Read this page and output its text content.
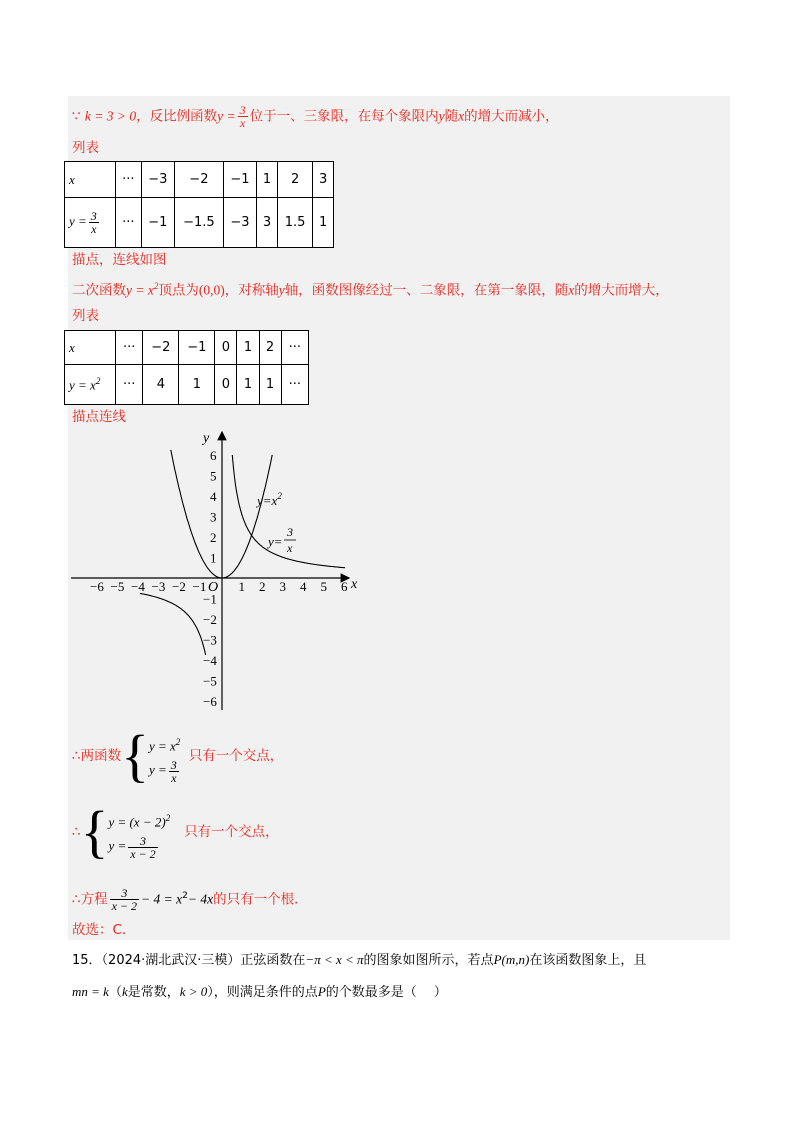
∵ k = 3 > 0，反比例函数$y = \frac{3}{x}$ 位于一、三象限，在每个象限内y随x的增大而减小，
列表
x	···	−3	−2	−1	1	2	3
$y = \frac{3}{x}$	···	−1	−1.5	−3	3	1.5	1
描点，连线如图
二次函数$y = x^2$顶点为(0,0)，对称轴y轴，函数图像经过一、二象限，在第一象限，随x的增大而增大，
列表
x	···	−2	−1	0	1	2	···
$y = x^2$	···	4	1	0	1	1	···
描点连线
x
y
O
−6 −5 −4 −3 −2 −1 1 2 3 4 5 6
6
5
4
3
2
1
−1
−2
−3
−4
−5
−6
$y=x^2$
y=
3
x
∴两函数{ $y = x^2$
$y = \frac{3}{x}$
只有一个交点，
∴{ $y = (x - 2)^2$
$y = \frac{3}{x - 2}$
只有一个交点，
∴方程 $\frac{3}{x - 2} - 4 = x^2- 4x$的只有一个根．
故选：C．
15．（2024·湖北武汉·三模）正弦函数在−π < x < π的图象如图所示，若点P(m,n)在该函数图象上，且
mn = k（k是常数，k > 0），则满足条件的点P的个数最多是（　 ）
